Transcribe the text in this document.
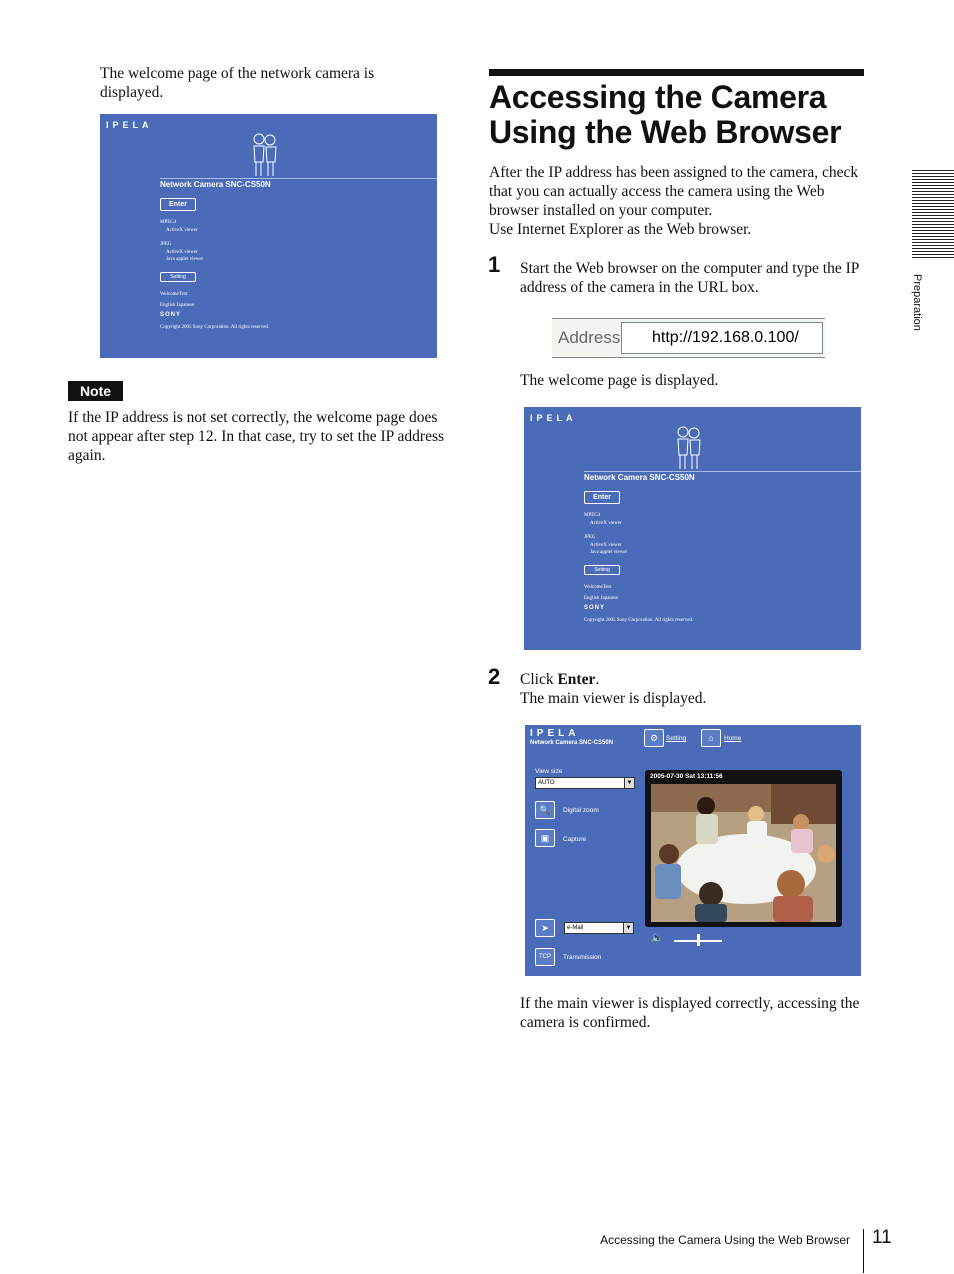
The welcome page of the network camera is displayed.
IPELA
Network Camera SNC-CS50N
Enter
MPEG4
ActiveX viewer
JPEG
ActiveX viewer
Java applet viewer
Setting
WelcomeText
English Japanese
SONY
Copyright 2005 Sony Corporation. All rights reserved.
Note
If the IP address is not set correctly, the welcome page does not appear after step 12. In that case, try to set the IP address again.
Accessing the Camera
Using the Web Browser
After the IP address has been assigned to the camera, check that you can actually access the camera using the Web browser installed on your computer.
Use Internet Explorer as the Web browser.
1 Start the Web browser on the computer and type the IP address of the camera in the URL box.
Address http://192.168.0.100/
The welcome page is displayed.
IPELA
Network Camera SNC-CS50N
Enter
MPEG4
ActiveX viewer
JPEG
ActiveX viewer
Java applet viewer
Setting
WelcomeText
English Japanese
SONY
Copyright 2005 Sony Corporation. All rights reserved.
2 Click Enter.
The main viewer is displayed.
IPELA
Network Camera SNC-CS50N	⚙	Setting	⌂	Home
View size
AUTO	▼
🔍	Digital zoom
▣	Capture
➤	e-Mail	▼
TCP	Transmission
2005-07-30 Sat 13:11:56
🔈
If the main viewer is displayed correctly, accessing the camera is confirmed.
Preparation
Accessing the Camera Using the Web Browser 11
